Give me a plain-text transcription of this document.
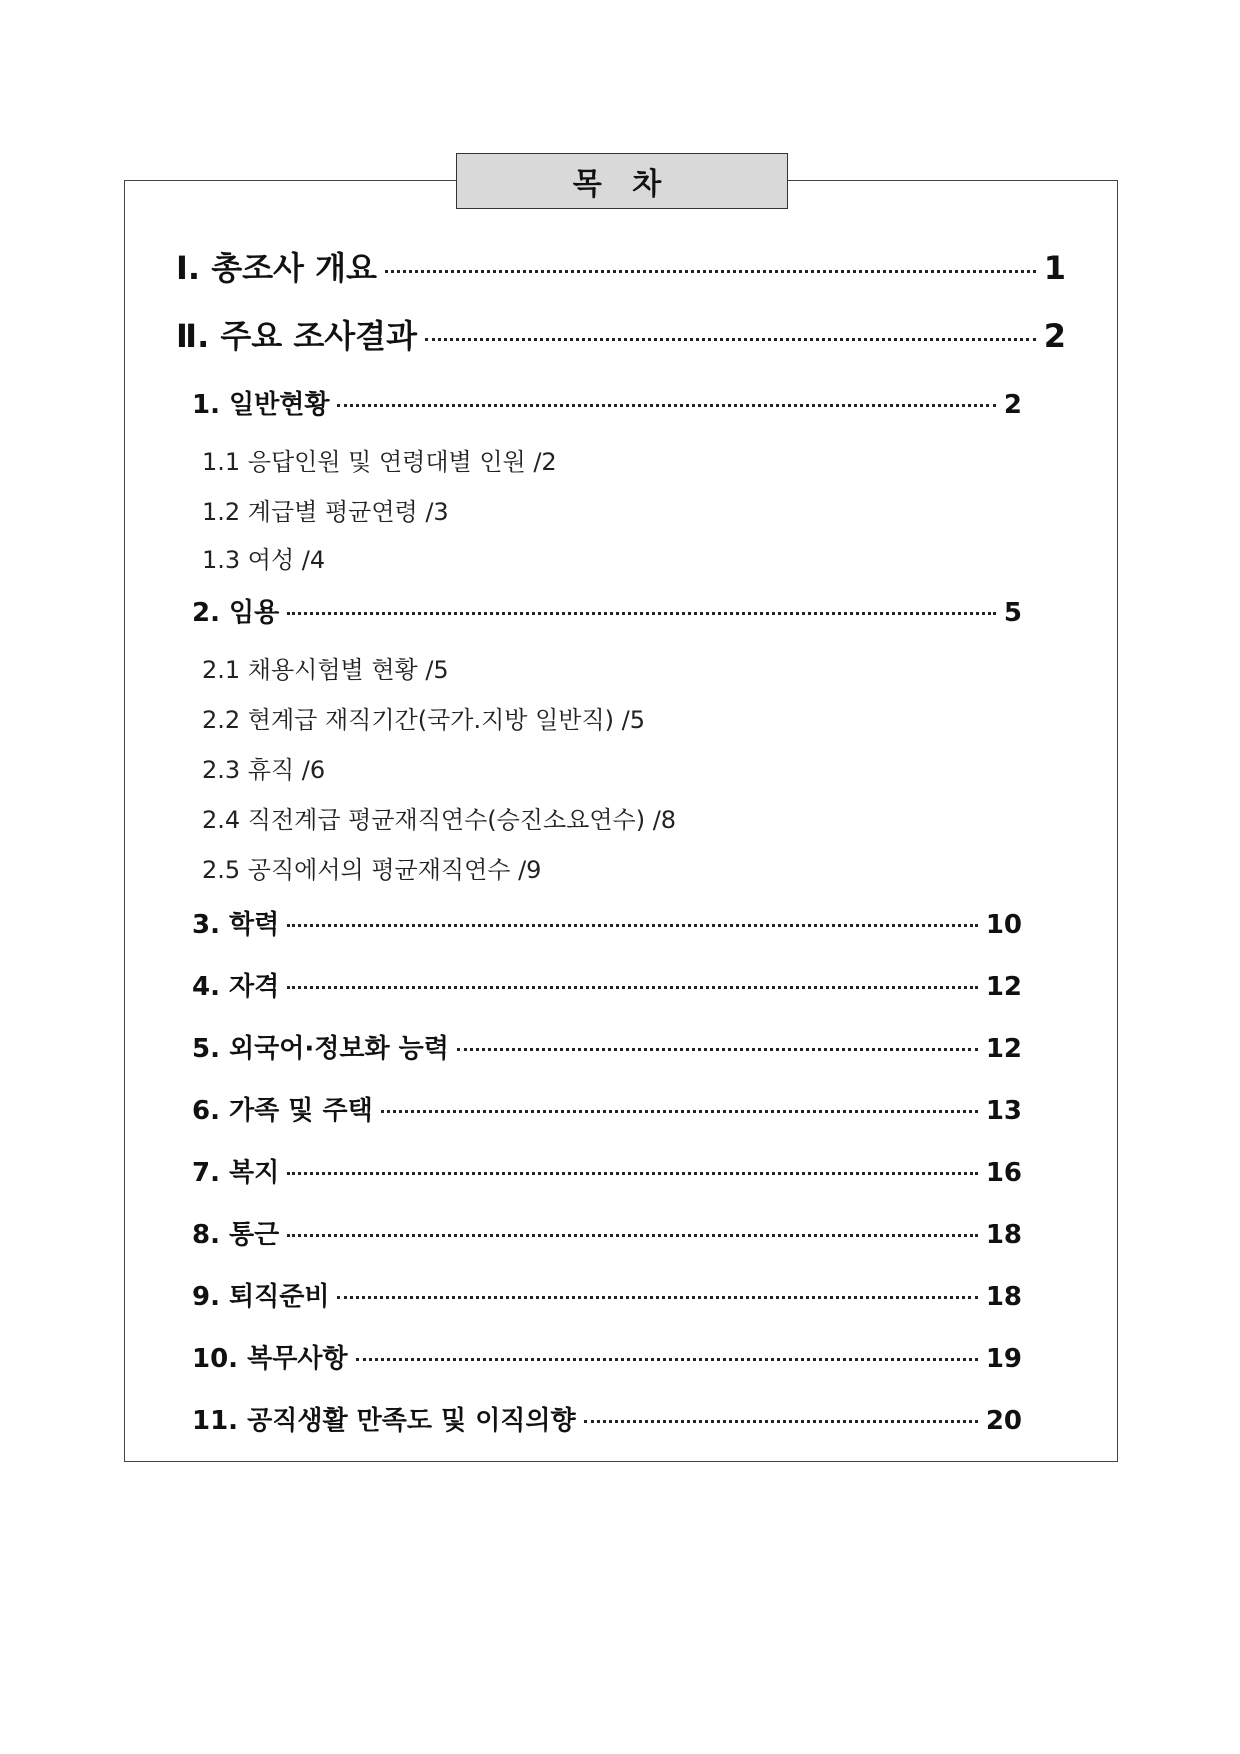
목 차
Ⅰ. 총조사 개요	1
Ⅱ. 주요 조사결과	2
1. 일반현황	2
1.1 응답인원 및 연령대별 인원 /2
1.2 계급별 평균연령 /3
1.3 여성 /4
2. 임용	5
2.1 채용시험별 현황 /5
2.2 현계급 재직기간(국가.지방 일반직) /5
2.3 휴직 /6
2.4 직전계급 평균재직연수(승진소요연수) /8
2.5 공직에서의 평균재직연수 /9
3. 학력	10
4. 자격	12
5. 외국어·정보화 능력	12
6. 가족 및 주택	13
7. 복지	16
8. 통근	18
9. 퇴직준비	18
10. 복무사항	19
11. 공직생활 만족도 및 이직의향	20
